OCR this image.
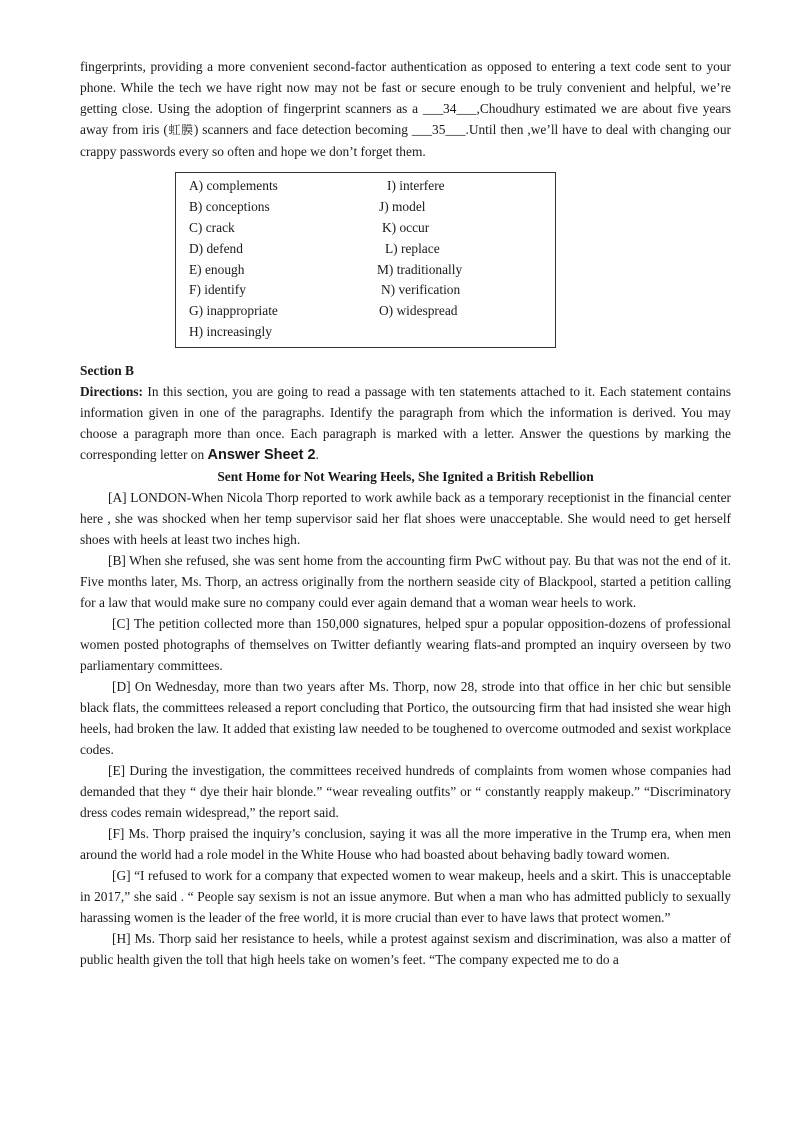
fingerprints, providing a more convenient second-factor authentication as opposed to entering a text code sent to your phone. While the tech we have right now may not be fast or secure enough to be truly convenient and helpful, we’re getting close. Using the adoption of fingerprint scanners as a ___34___,Choudhury estimated we are about five years away from iris (虹膜) scanners and face detection becoming ___35___.Until then ,we’ll have to deal with changing our crappy passwords every so often and hope we don’t forget them.

A) complements	I) interfere
B) conceptions	J) model
C) crack	K) occur
D) defend	L) replace
E) enough	M) traditionally
F) identify	N) verification
G) inappropriate	O) widespread
H) increasingly

Section B

Directions: In this section, you are going to read a passage with ten statements attached to it. Each statement contains information given in one of the paragraphs. Identify the paragraph from which the information is derived. You may choose a paragraph more than once. Each paragraph is marked with a letter. Answer the questions by marking the corresponding letter on Answer Sheet 2.

Sent Home for Not Wearing Heels, She Ignited a British Rebellion

[A] LONDON-When Nicola Thorp reported to work awhile back as a temporary receptionist in the financial center here , she was shocked when her temp supervisor said her flat shoes were unacceptable. She would need to get herself shoes with heels at least two inches high.

[B] When she refused, she was sent home from the accounting firm PwC without pay. Bu that was not the end of it. Five months later, Ms. Thorp, an actress originally from the northern seaside city of Blackpool, started a petition calling for a law that would make sure no company could ever again demand that a woman wear heels to work.

[C] The petition collected more than 150,000 signatures, helped spur a popular opposition-dozens of professional women posted photographs of themselves on Twitter defiantly wearing flats-and prompted an inquiry overseen by two parliamentary committees.

[D] On Wednesday, more than two years after Ms. Thorp, now 28, strode into that office in her chic but sensible black flats, the committees released a report concluding that Portico, the outsourcing firm that had insisted she wear high heels, had broken the law. It added that existing law needed to be toughened to overcome outmoded and sexist workplace codes.

[E] During the investigation, the committees received hundreds of complaints from women whose companies had demanded that they “ dye their hair blonde.” “wear revealing outfits” or “ constantly reapply makeup.” “Discriminatory dress codes remain widespread,” the report said.

[F] Ms. Thorp praised the inquiry’s conclusion, saying it was all the more imperative in the Trump era, when men around the world had a role model in the White House who had boasted about behaving badly toward women.

[G] “I refused to work for a company that expected women to wear makeup, heels and a skirt. This is unacceptable in 2017,” she said . “ People say sexism is not an issue anymore. But when a man who has admitted publicly to sexually harassing women is the leader of the free world, it is more crucial than ever to have laws that protect women.”

[H] Ms. Thorp said her resistance to heels, while a protest against sexism and discrimination, was also a matter of public health given the toll that high heels take on women’s feet. “The company expected me to do a
